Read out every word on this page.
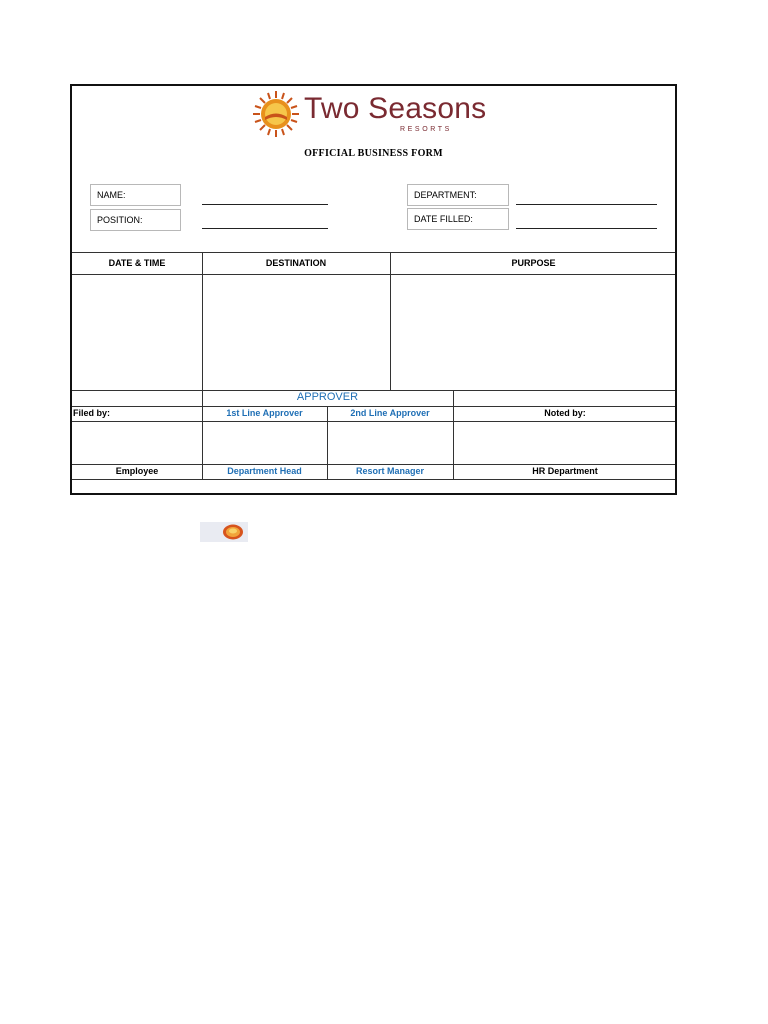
Two Seasons
RESORTS
OFFICIAL BUSINESS FORM
NAME:
POSITION:
DEPARTMENT:
DATE FILLED:
DATE & TIME	DESTINATION	PURPOSE
APPROVER
Filed by:	1st Line Approver	2nd Line Approver	Noted by:
Employee	Department Head	Resort Manager	HR Department
